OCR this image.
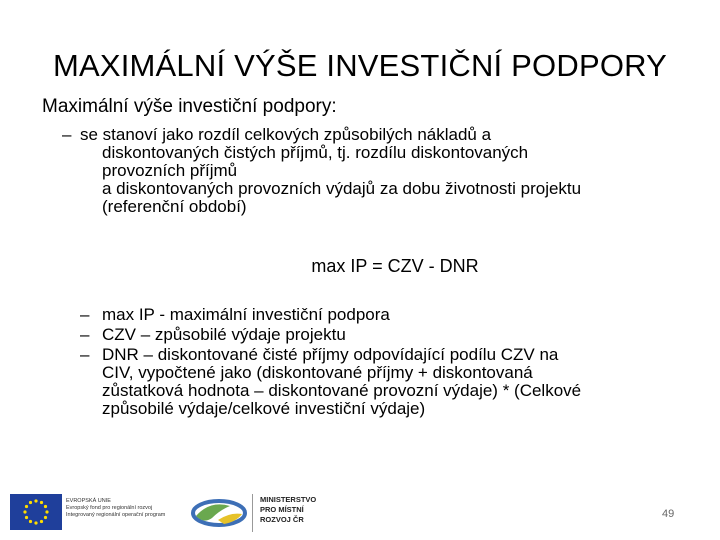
MAXIMÁLNÍ VÝŠE INVESTIČNÍ PODPORY
Maximální výše investiční podpory:
– se stanoví jako rozdíl celkových způsobilých nákladů a
diskontovaných čistých příjmů, tj. rozdílu diskontovaných
provozních příjmů
a diskontovaných provozních výdajů za dobu životnosti projektu
(referenční období)
max IP = CZV - DNR
– max IP - maximální investiční podpora
– CZV – způsobilé výdaje projektu
– DNR – diskontované čisté příjmy odpovídající podílu CZV na
CIV, vypočtené jako (diskontované příjmy + diskontovaná
zůstatková hodnota – diskontované provozní výdaje) * (Celkové
způsobilé výdaje/celkové investiční výdaje)
EVROPSKÁ UNIE
Evropský fond pro regionální rozvoj
Integrovaný regionální operační program
MINISTERSTVO
PRO MÍSTNÍ
ROZVOJ ČR	49
